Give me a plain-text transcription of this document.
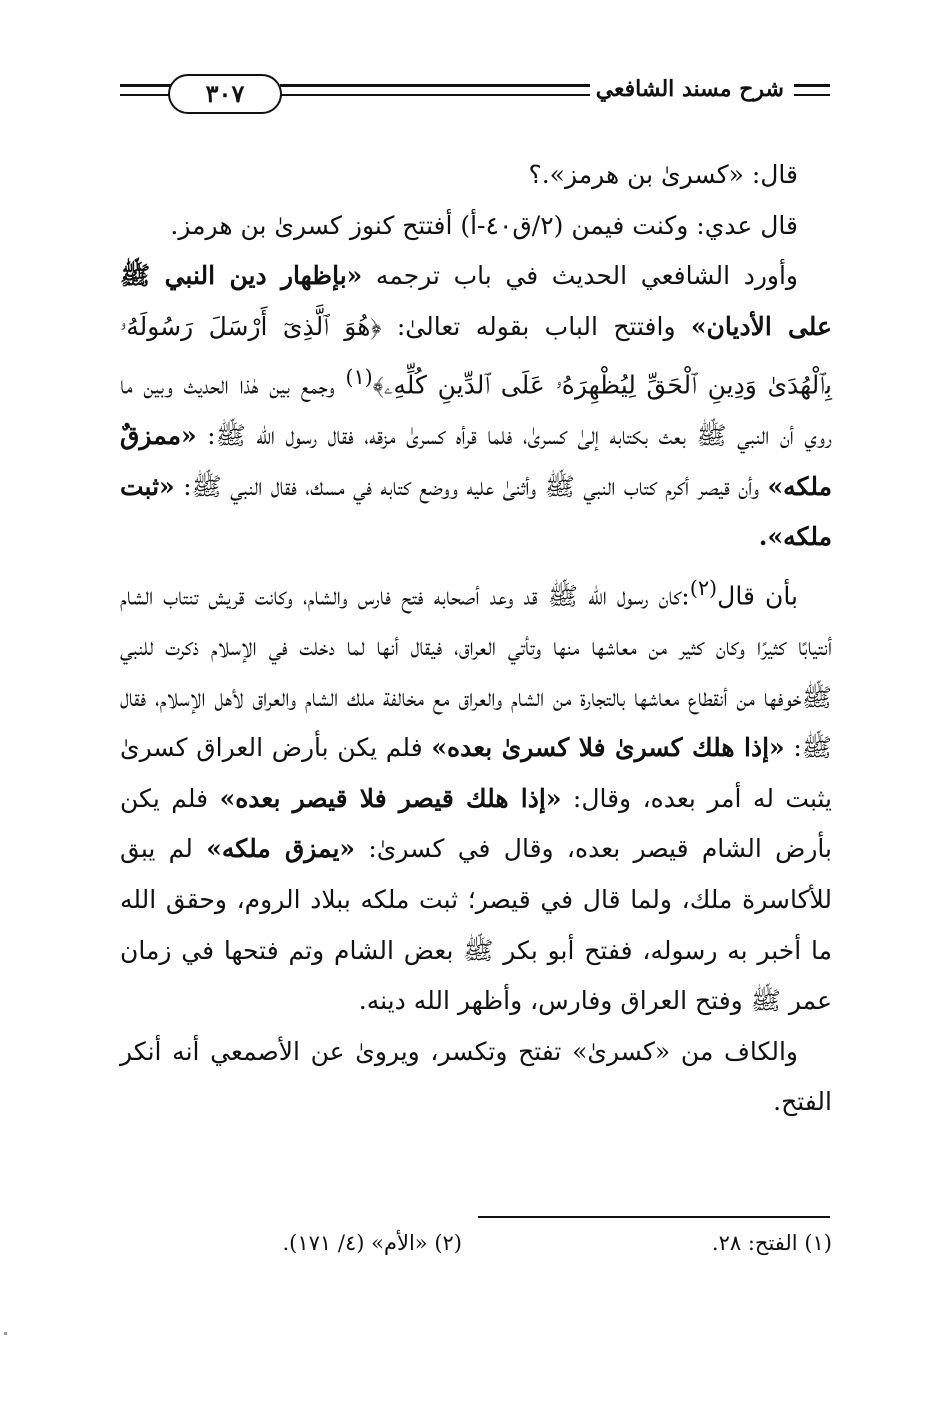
شرح مسند الشافعي
٣٠٧

قال: «كسرىٰ بن هرمز».؟

قال عدي: وكنت فيمن (٢/ق٤٠-أ) أفتتح كنوز كسرىٰ بن هرمز.

وأورد الشافعي الحديث في باب ترجمه «بإظهار دين النبي ﷺ على الأديان» وافتتح الباب بقوله تعالىٰ: ﴿هُوَ ٱلَّذِىٓ أَرْسَلَ رَسُولَهُۥ بِٱلْهُدَىٰ وَدِينِ ٱلْحَقِّ لِيُظْهِرَهُۥ عَلَى ٱلدِّينِ كُلِّهِۦ﴾$^{(١)}$ وجمع بين هٰذا الحديث وبين ما روي أن النبي ﷺ بعث بكتابه إلىٰ كسرىٰ، فلما قرأه كسرىٰ مزقه، فقال رسول الله ﷺ: «ممزقٌ ملكه» وأن قيصر أكرم كتاب النبي ﷺ وأثنىٰ عليه ووضع كتابه في مسك، فقال النبي ﷺ: «ثبت ملكه».

بأن قال$^{(٢)}$:كان رسول الله ﷺ قد وعد أصحابه فتح فارس والشام، وكانت قريش تنتاب الشام أنتيابًا كثيرًا وكان كثير من معاشها منها وتأتي العراق، فيقال أنها لما دخلت في الإسلام ذكرت للنبي ﷺخوفها من أنقطاع معاشها بالتجارة من الشام والعراق مع مخالفة ملك الشام والعراق لأهل الإسلام، فقال ﷺ: «إذا هلك كسرىٰ فلا كسرىٰ بعده» فلم يكن بأرض العراق كسرىٰ يثبت له أمر بعده، وقال: «إذا هلك قيصر فلا قيصر بعده» فلم يكن بأرض الشام قيصر بعده، وقال في كسرىٰ: «يمزق ملكه» لم يبق للأكاسرة ملك، ولما قال في قيصر؛ ثبت ملكه ببلاد الروم، وحقق الله ما أخبر به رسوله، ففتح أبو بكر ﷺ بعض الشام وتم فتحها في زمان عمر ﷺ وفتح العراق وفارس، وأظهر الله دينه.

والكاف من «كسرىٰ» تفتح وتكسر، ويروىٰ عن الأصمعي أنه أنكر الفتح.

(١) الفتح: ٢٨.
(٢) «الأم» (٤/ ١٧١).
